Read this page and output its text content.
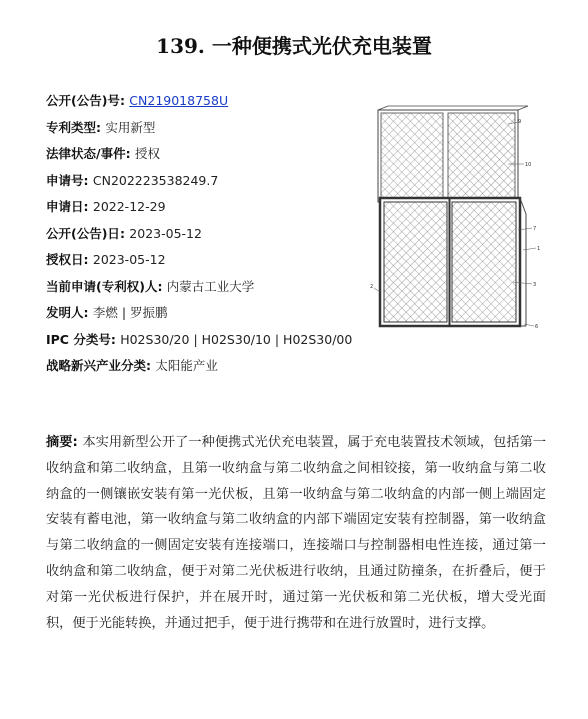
139. 一种便携式光伏充电装置
公开(公告)号: CN219018758U
专利类型: 实用新型
法律状态/事件: 授权
申请号: CN202223538249.7
申请日: 2022-12-29
公开(公告)日: 2023-05-12
授权日: 2023-05-12
当前申请(专利权)人: 内蒙古工业大学
发明人: 李燃 | 罗振鹏
IPC 分类号: H02S30/20 | H02S30/10 | H02S30/00
战略新兴产业分类: 太阳能产业
9
10
7
1
3
2
6
摘要: 本实用新型公开了一种便携式光伏充电装置，属于充电装置技术领域，包括第一收纳盒和第二收纳盒，且第一收纳盒与第二收纳盒之间相铰接，第一收纳盒与第二收纳盒的一侧镶嵌安装有第一光伏板，且第一收纳盒与第二收纳盒的内部一侧上端固定安装有蓄电池，第一收纳盒与第二收纳盒的内部下端固定安装有控制器，第一收纳盒与第二收纳盒的一侧固定安装有连接端口，连接端口与控制器相电性连接，通过第一收纳盒和第二收纳盒，便于对第二光伏板进行收纳，且通过防撞条，在折叠后，便于对第一光伏板进行保护，并在展开时，通过第一光伏板和第二光伏板，增大受光面积，便于光能转换，并通过把手，便于进行携带和在进行放置时，进行支撑。
